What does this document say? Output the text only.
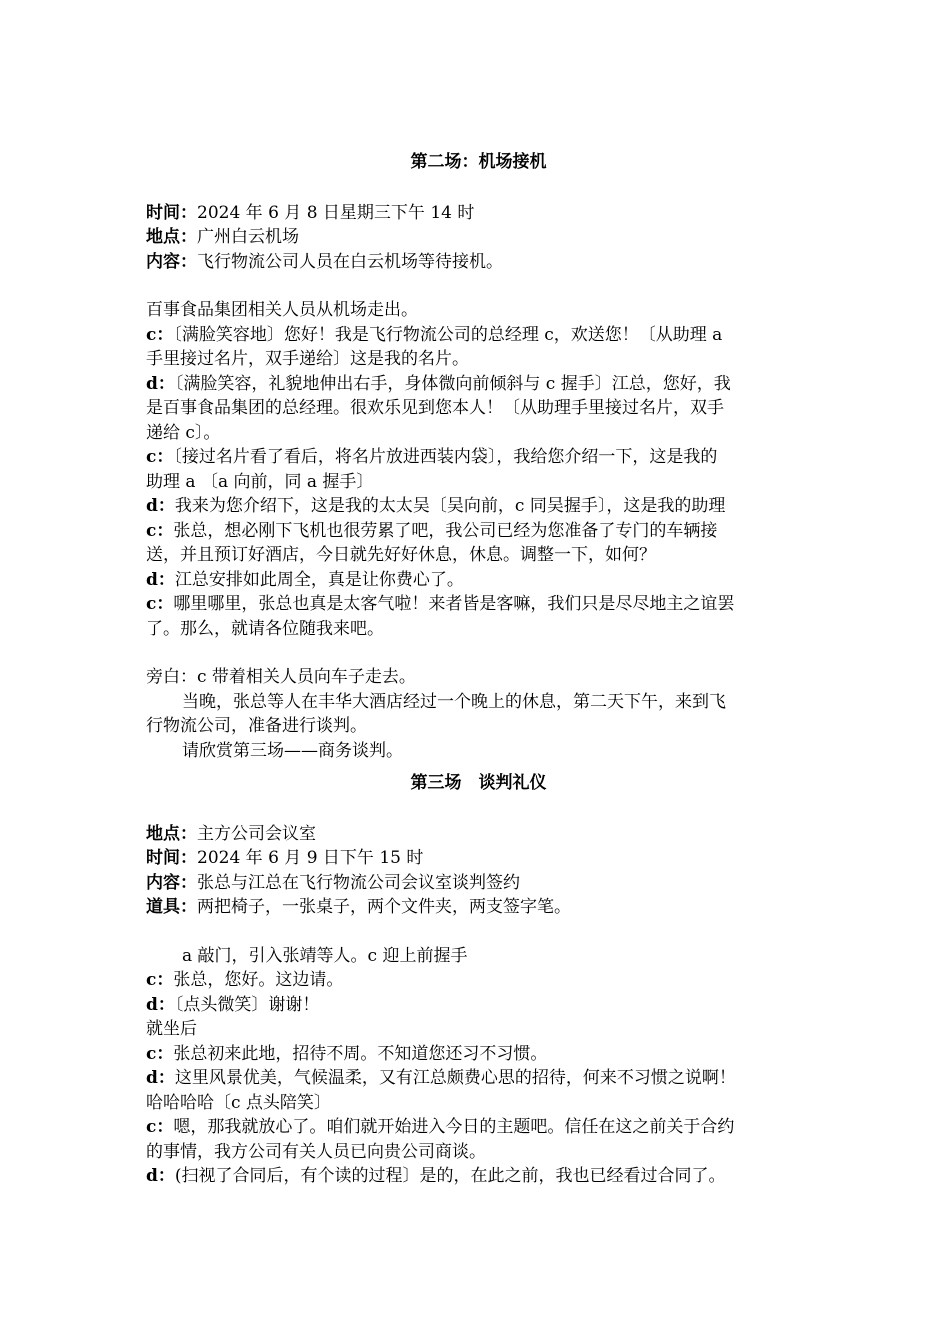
第二场：机场接机
时间：2024 年 6 月 8 日星期三下午 14 时
地点：广州白云机场
内容：飞行物流公司人员在白云机场等待接机。
百事食品集团相关人员从机场走出。
c：〔满脸笑容地〕您好！我是飞行物流公司的总经理 c，欢送您！〔从助理 a
手里接过名片，双手递给〕这是我的名片。
d：〔满脸笑容，礼貌地伸出右手，身体微向前倾斜与 c 握手〕江总，您好，我
是百事食品集团的总经理。很欢乐见到您本人！〔从助理手里接过名片，双手
递给 c〕。
c：〔接过名片看了看后，将名片放进西装内袋〕，我给您介绍一下，这是我的
助理 a 〔a 向前，同 a 握手〕
d：我来为您介绍下，这是我的太太吴〔吴向前，c 同吴握手〕，这是我的助理
c：张总，想必刚下飞机也很劳累了吧，我公司已经为您准备了专门的车辆接
送，并且预订好酒店，今日就先好好休息，休息。调整一下，如何？
d：江总安排如此周全，真是让你费心了。
c：哪里哪里，张总也真是太客气啦！来者皆是客嘛，我们只是尽尽地主之谊罢
了。那么，就请各位随我来吧。
旁白：c 带着相关人员向车子走去。
当晚，张总等人在丰华大酒店经过一个晚上的休息，第二天下午，来到飞
行物流公司，准备进行谈判。
请欣赏第三场——商务谈判。
第三场　谈判礼仪
地点：主方公司会议室
时间：2024 年 6 月 9 日下午 15 时
内容：张总与江总在飞行物流公司会议室谈判签约
道具：两把椅子，一张桌子，两个文件夹，两支签字笔。
a 敲门，引入张靖等人。c 迎上前握手
c：张总，您好。这边请。
d：〔点头微笑〕谢谢！
就坐后
c：张总初来此地，招待不周。不知道您还习不习惯。
d：这里风景优美，气候温柔，又有江总颇费心思的招待，何来不习惯之说啊！
哈哈哈哈〔c 点头陪笑〕
c：嗯，那我就放心了。咱们就开始进入今日的主题吧。信任在这之前关于合约
的事情，我方公司有关人员已向贵公司商谈。
d：(扫视了合同后，有个读的过程〕是的，在此之前，我也已经看过合同了。
